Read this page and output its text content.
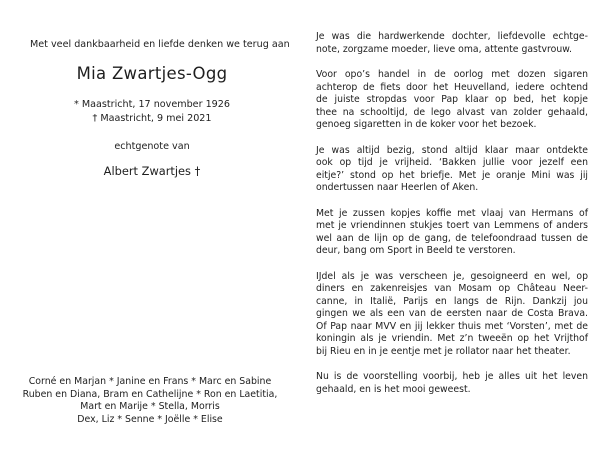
Met veel dankbaarheid en liefde denken we terug aan
Mia Zwartjes-Ogg
* Maastricht, 17 november 1926
† Maastricht, 9 mei 2021
echtgenote van
Albert Zwartjes †
Corné en Marjan * Janine en Frans * Marc en Sabine
Ruben en Diana, Bram en Cathelijne * Ron en Laetitia,
Mart en Marije * Stella, Morris
Dex, Liz * Senne * Joëlle * Elise
Je was die hardwerkende dochter, liefdevolle echtge-
note, zorgzame moeder, lieve oma, attente gastvrouw.
Voor opo’s handel in de oorlog met dozen sigaren
achterop de fiets door het Heuvelland, iedere ochtend
de juiste stropdas voor Pap klaar op bed, het kopje
thee na schooltijd, de lego alvast van zolder gehaald,
genoeg sigaretten in de koker voor het bezoek.
Je was altijd bezig, stond altijd klaar maar ontdekte
ook op tijd je vrijheid. ‘Bakken jullie voor jezelf een
eitje?’ stond op het briefje. Met je oranje Mini was jij
ondertussen naar Heerlen of Aken.
Met je zussen kopjes koffie met vlaaj van Hermans of
met je vriendinnen stukjes toert van Lemmens of anders
wel aan de lijn op de gang, de telefoondraad tussen de
deur, bang om Sport in Beeld te verstoren.
IJdel als je was verscheen je, gesoigneerd en wel, op
diners en zakenreisjes van Mosam op Château Neer-
canne, in Italië, Parijs en langs de Rijn. Dankzij jou
gingen we als een van de eersten naar de Costa Brava.
Of Pap naar MVV en jij lekker thuis met ‘Vorsten’, met de
koningin als je vriendin. Met z’n tweeën op het Vrijthof
bij Rieu en in je eentje met je rollator naar het theater.
Nu is de voorstelling voorbij, heb je alles uit het leven
gehaald, en is het mooi geweest.
